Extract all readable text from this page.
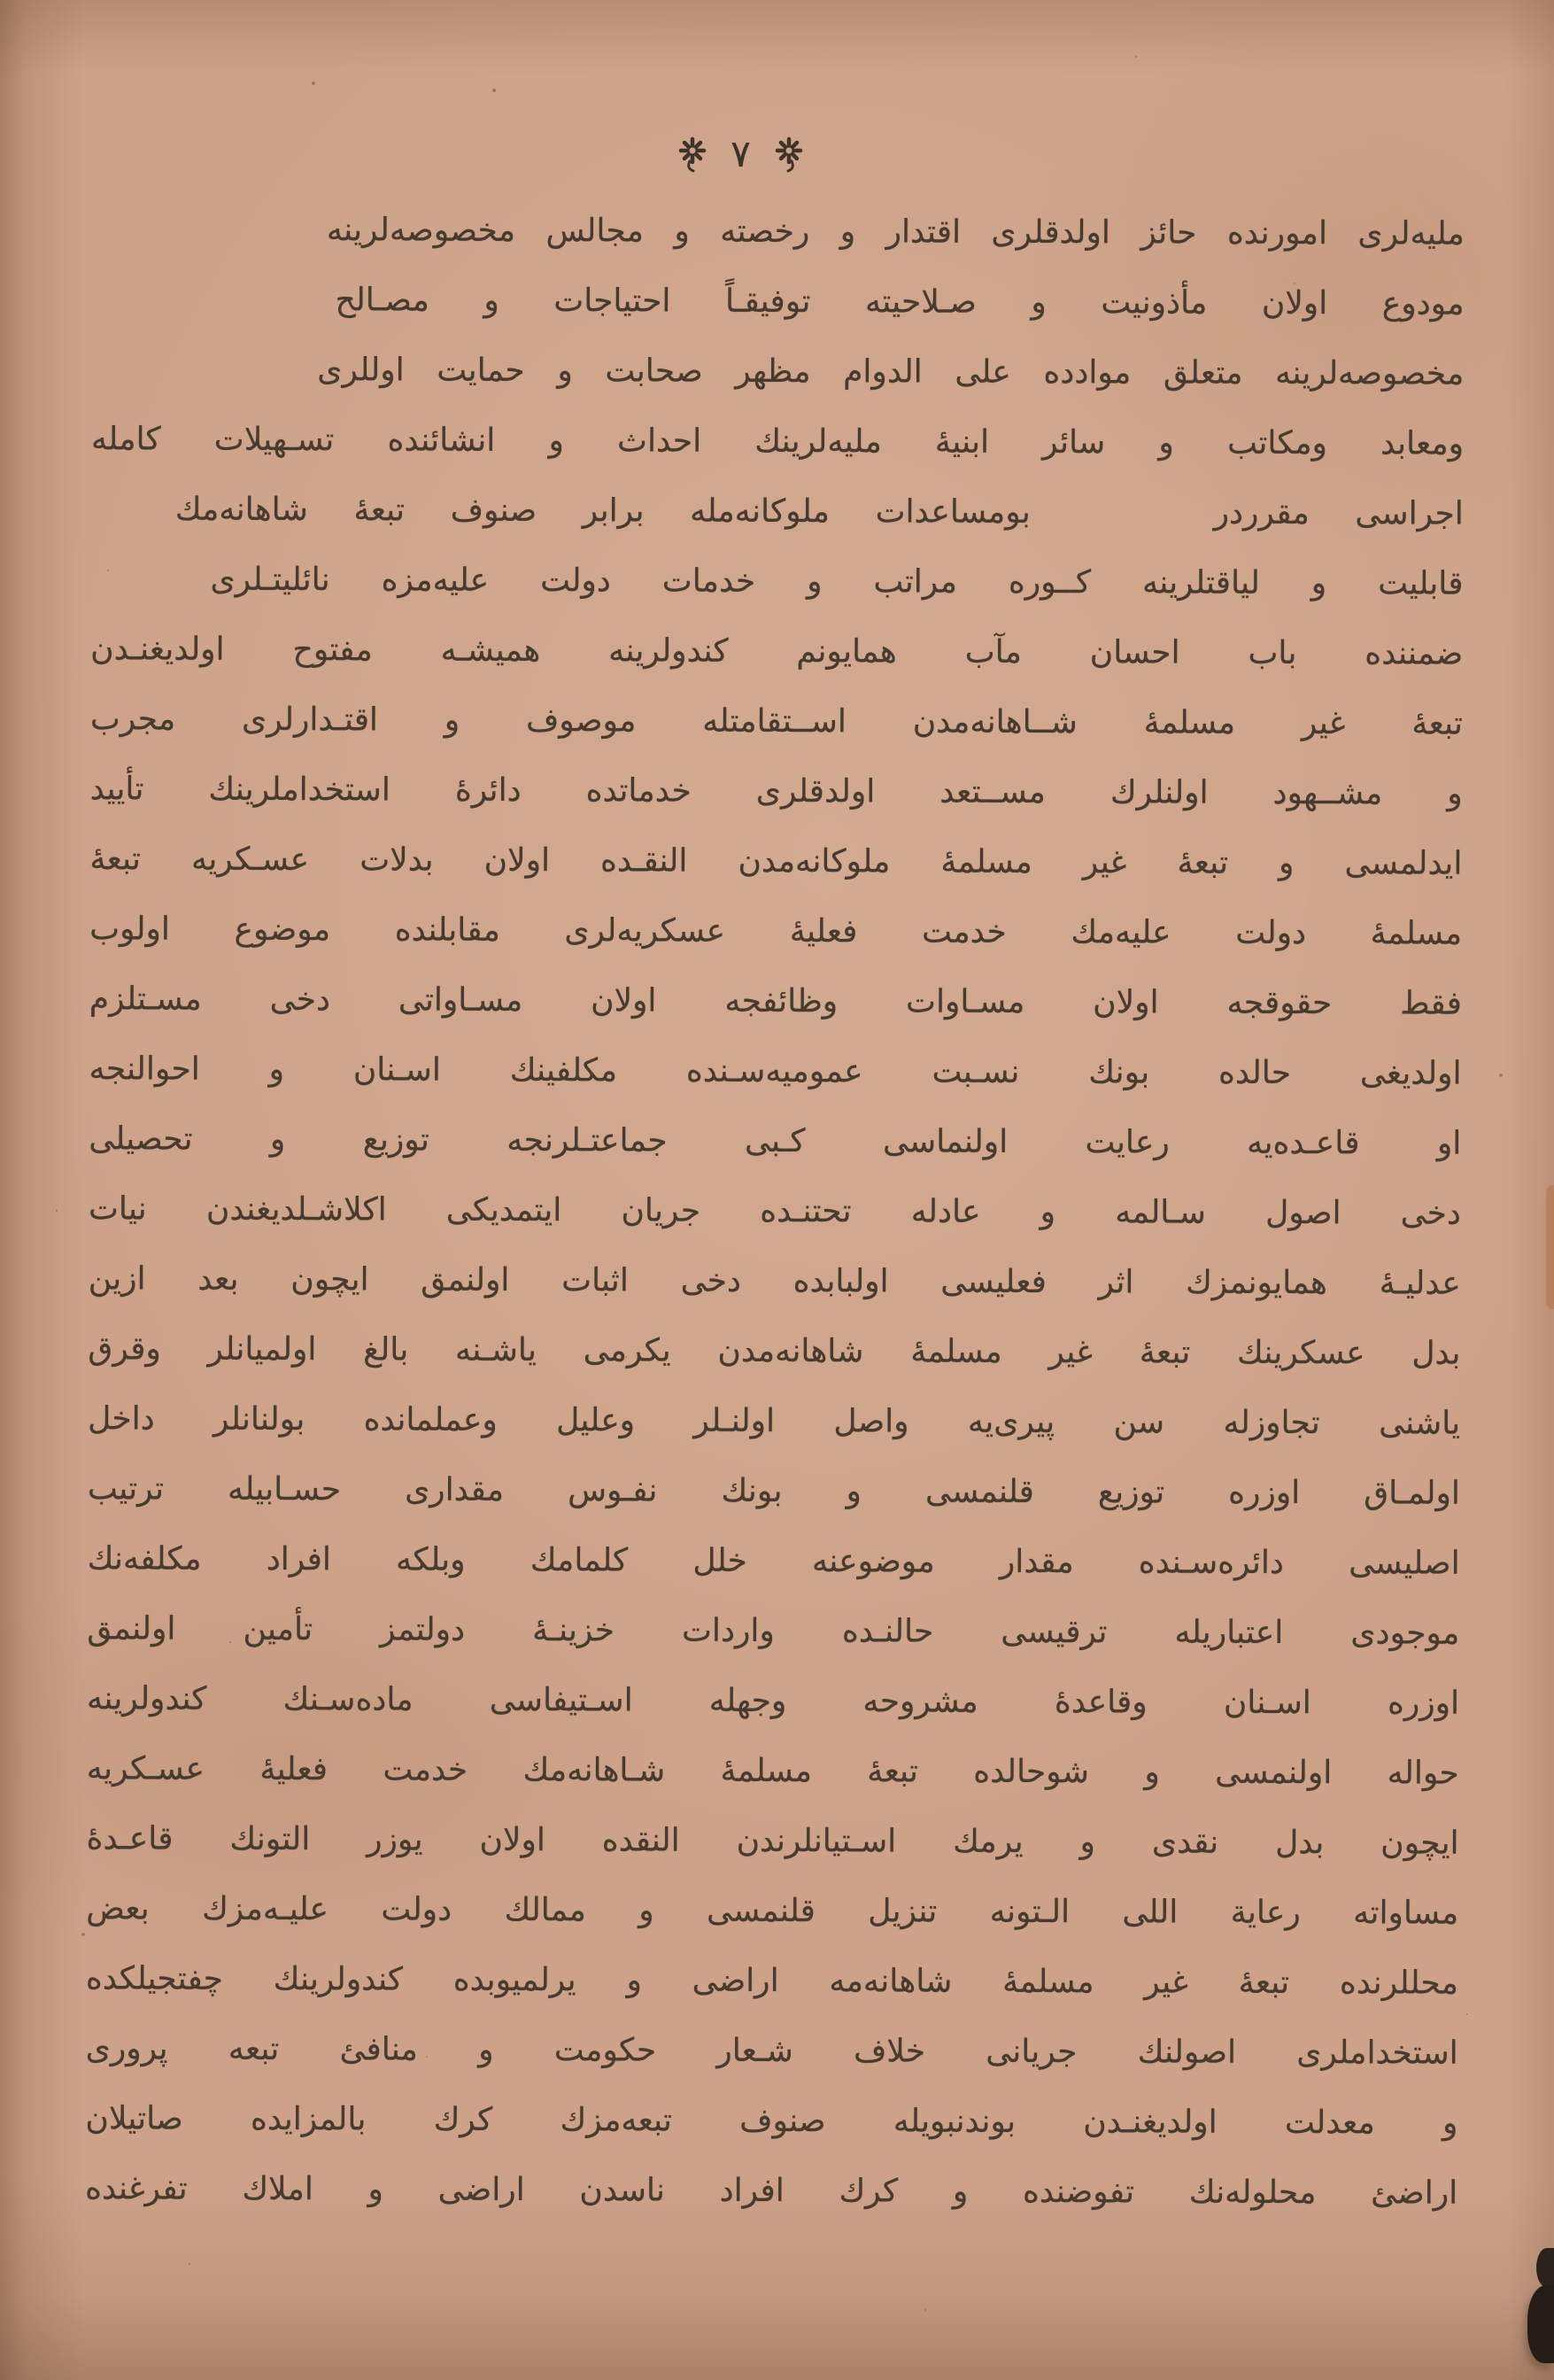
٧
ملیه‌لری امورنده حائز اولدقلری اقتدار و رخصته و مجالس مخصوصه‌لرینه
مودوع اولان مأذونیت و صـلاحیته توفیقـاً احتیاجات و مصـالح
مخصوصه‌لرینه متعلق موادده علی الدوام مظهر صحابت و حمایت اوللری
ومعابد ومکاتب و سائر ابنیۀ ملیه‌لرینك احداث و انشائنده تسـهیلات کامله
اجراسی مقرردر    بومساعدات ملوکانه‌مله برابر صنوف تبعۀ شاهانه‌مك
قابلیت و لیاقتلرینه كــوره مراتب و خدمات دولت علیه‌مزه نائلیتـلری
ضمننده باب احسان مآب همایونم کندولرینه همیشـه مفتوح اولدیغنـدن
تبعۀ غیر مسلمۀ شــاهانه‌مدن اســتقامتله موصوف و اقتـدارلری مجرب
و مشــهود اولنلرك مســتعد اولدقلری خدماتده دائرۀ استخداملرینك تأیید
ایدلمسی و تبعۀ غیر مسلمۀ ملوکانه‌مدن النقـده اولان بدلات عسـکریه تبعۀ
مسلمۀ دولت علیه‌مك خدمت فعلیۀ عسکریه‌لری مقابلنده موضوع اولوب
فقط حقوقجه اولان مسـاوات وظائفجه اولان مسـاواتی دخی مسـتلزم
اولدیغی حالده بونك نسـبت عمومیه‌سـنده مکلفینك اسـنان و احوالنجه
او قاعـده‌یه رعایت اولنماسی كـبی جماعتـلرنجه توزیع و تحصیلی
دخی اصول سـالمه و عادله تحتنـده جریان ایتمدیکی اکلاشـلدیغندن نیات
عدلیـۀ همایونمزك اثر فعلیسی اولبابده دخی اثبات اولنمق ایچون بعد ازین
بدل عسکرینك تبعۀ غیر مسلمۀ شاهانه‌مدن یکرمی یاشـنه بالغ اولمیانلر وقرق
یاشنی تجاوزله سن پیری‌یه واصل اولنـلر وعلیل وعملمانده بولنانلر داخل
اولمـاق اوزره توزیع قلنمسی و بونك نفـوس مقداری حسـابیله ترتیب
اصلیسی دائره‌سـنده مقدار موضوعنه خلل کلمامك وبلکه افراد مکلفه‌نك
موجودی اعتباریله ترقیسی حالنـده واردات خزینـۀ دولتمز تأمین اولنمق
اوزره اسـنان وقاعدۀ مشروحه وجهله اسـتیفاسی ماده‌سـنك کندولرینه
حواله اولنمسی و شوحالده تبعۀ مسلمۀ شـاهانه‌مك خدمت فعلیۀ عسـکریه
ایچون بدل نقدی و یرمك اسـتیانلرندن النقده اولان یوزر التونك قاعـدۀ
مساواته رعایة اللی الـتونه تنزیل قلنمسی و ممالك دولت علیـه‌مزك بعض
محللرنده تبعۀ غیر مسلمۀ شاهانه‌مه اراضی و یرلمیوبده کندولرینك چفتجیلكده
استخداملری اصولنك جریانی خلاف شـعار حکومت و منافئ تبعه پروری
و معدلت اولدیغنـدن بوندنبویله صنوف تبعه‌مزك کرك بالمزایده صاتیلان
اراضئ محلوله‌نك تفوضنده و کرك افراد ناسدن اراضی و املاك تفرغنده
